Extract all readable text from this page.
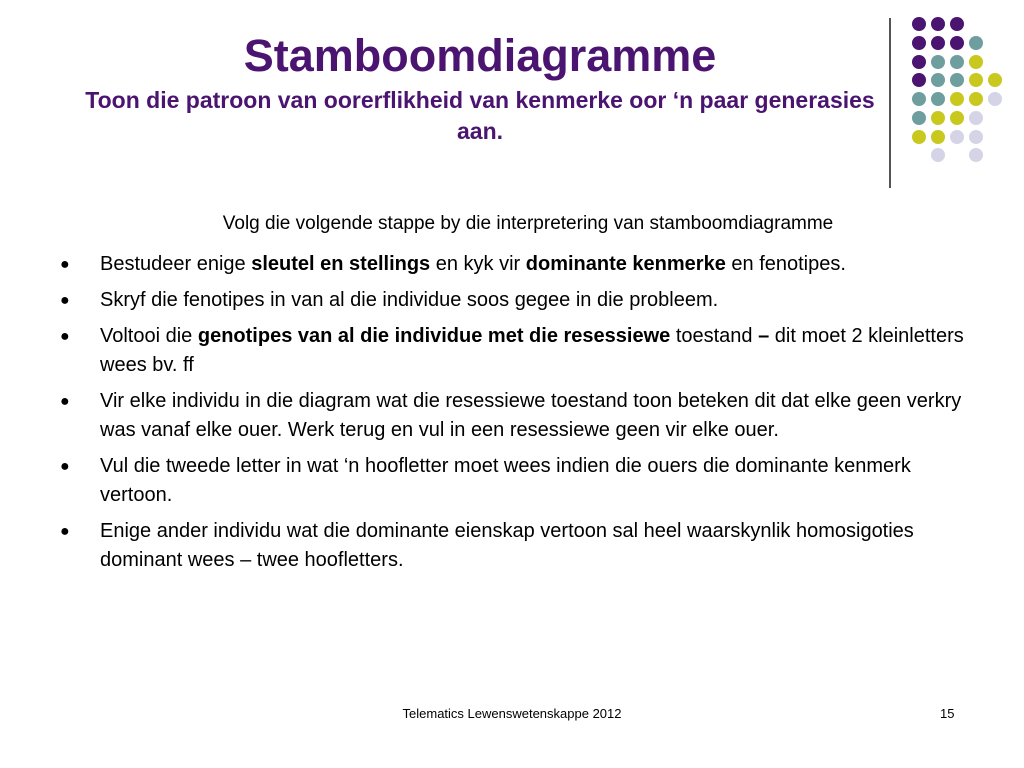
Stamboomdiagramme
Toon die patroon van oorerflikheid van kenmerke oor ‘n paar generasies aan.
Volg die volgende stappe by die interpretering van stamboomdiagramme
● Bestudeer enige sleutel en stellings en kyk vir dominante kenmerke en fenotipes.
● Skryf die fenotipes in van al die individue soos gegee in die probleem.
● Voltooi die genotipes van al die individue met die resessiewe toestand – dit moet 2 kleinletters wees bv. ff
● Vir elke individu in die diagram wat die resessiewe toestand toon beteken dit dat elke geen verkry was vanaf elke ouer. Werk terug en vul in een resessiewe geen vir elke ouer.
● Vul die tweede letter in wat ‘n hoofletter moet wees indien die ouers die dominante kenmerk vertoon.
● Enige ander individu wat die dominante eienskap vertoon sal heel waarskynlik homosigoties dominant wees – twee hoofletters.
Telematics Lewenswetenskappe 2012	15
